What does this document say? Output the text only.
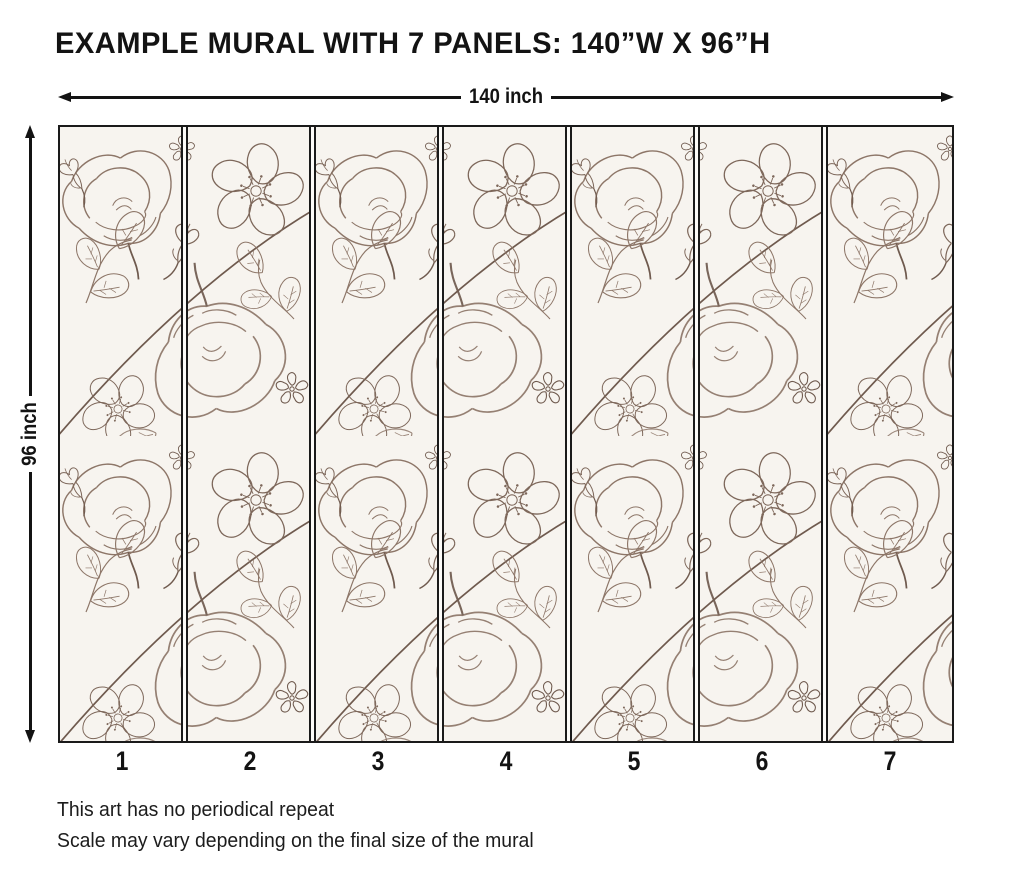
EXAMPLE MURAL WITH 7 PANELS: 140”W X 96”H
140 inch
96 inch
1	2	3	4	5	6	7
This art has no periodical repeat
Scale may vary depending on the final size of the mural
